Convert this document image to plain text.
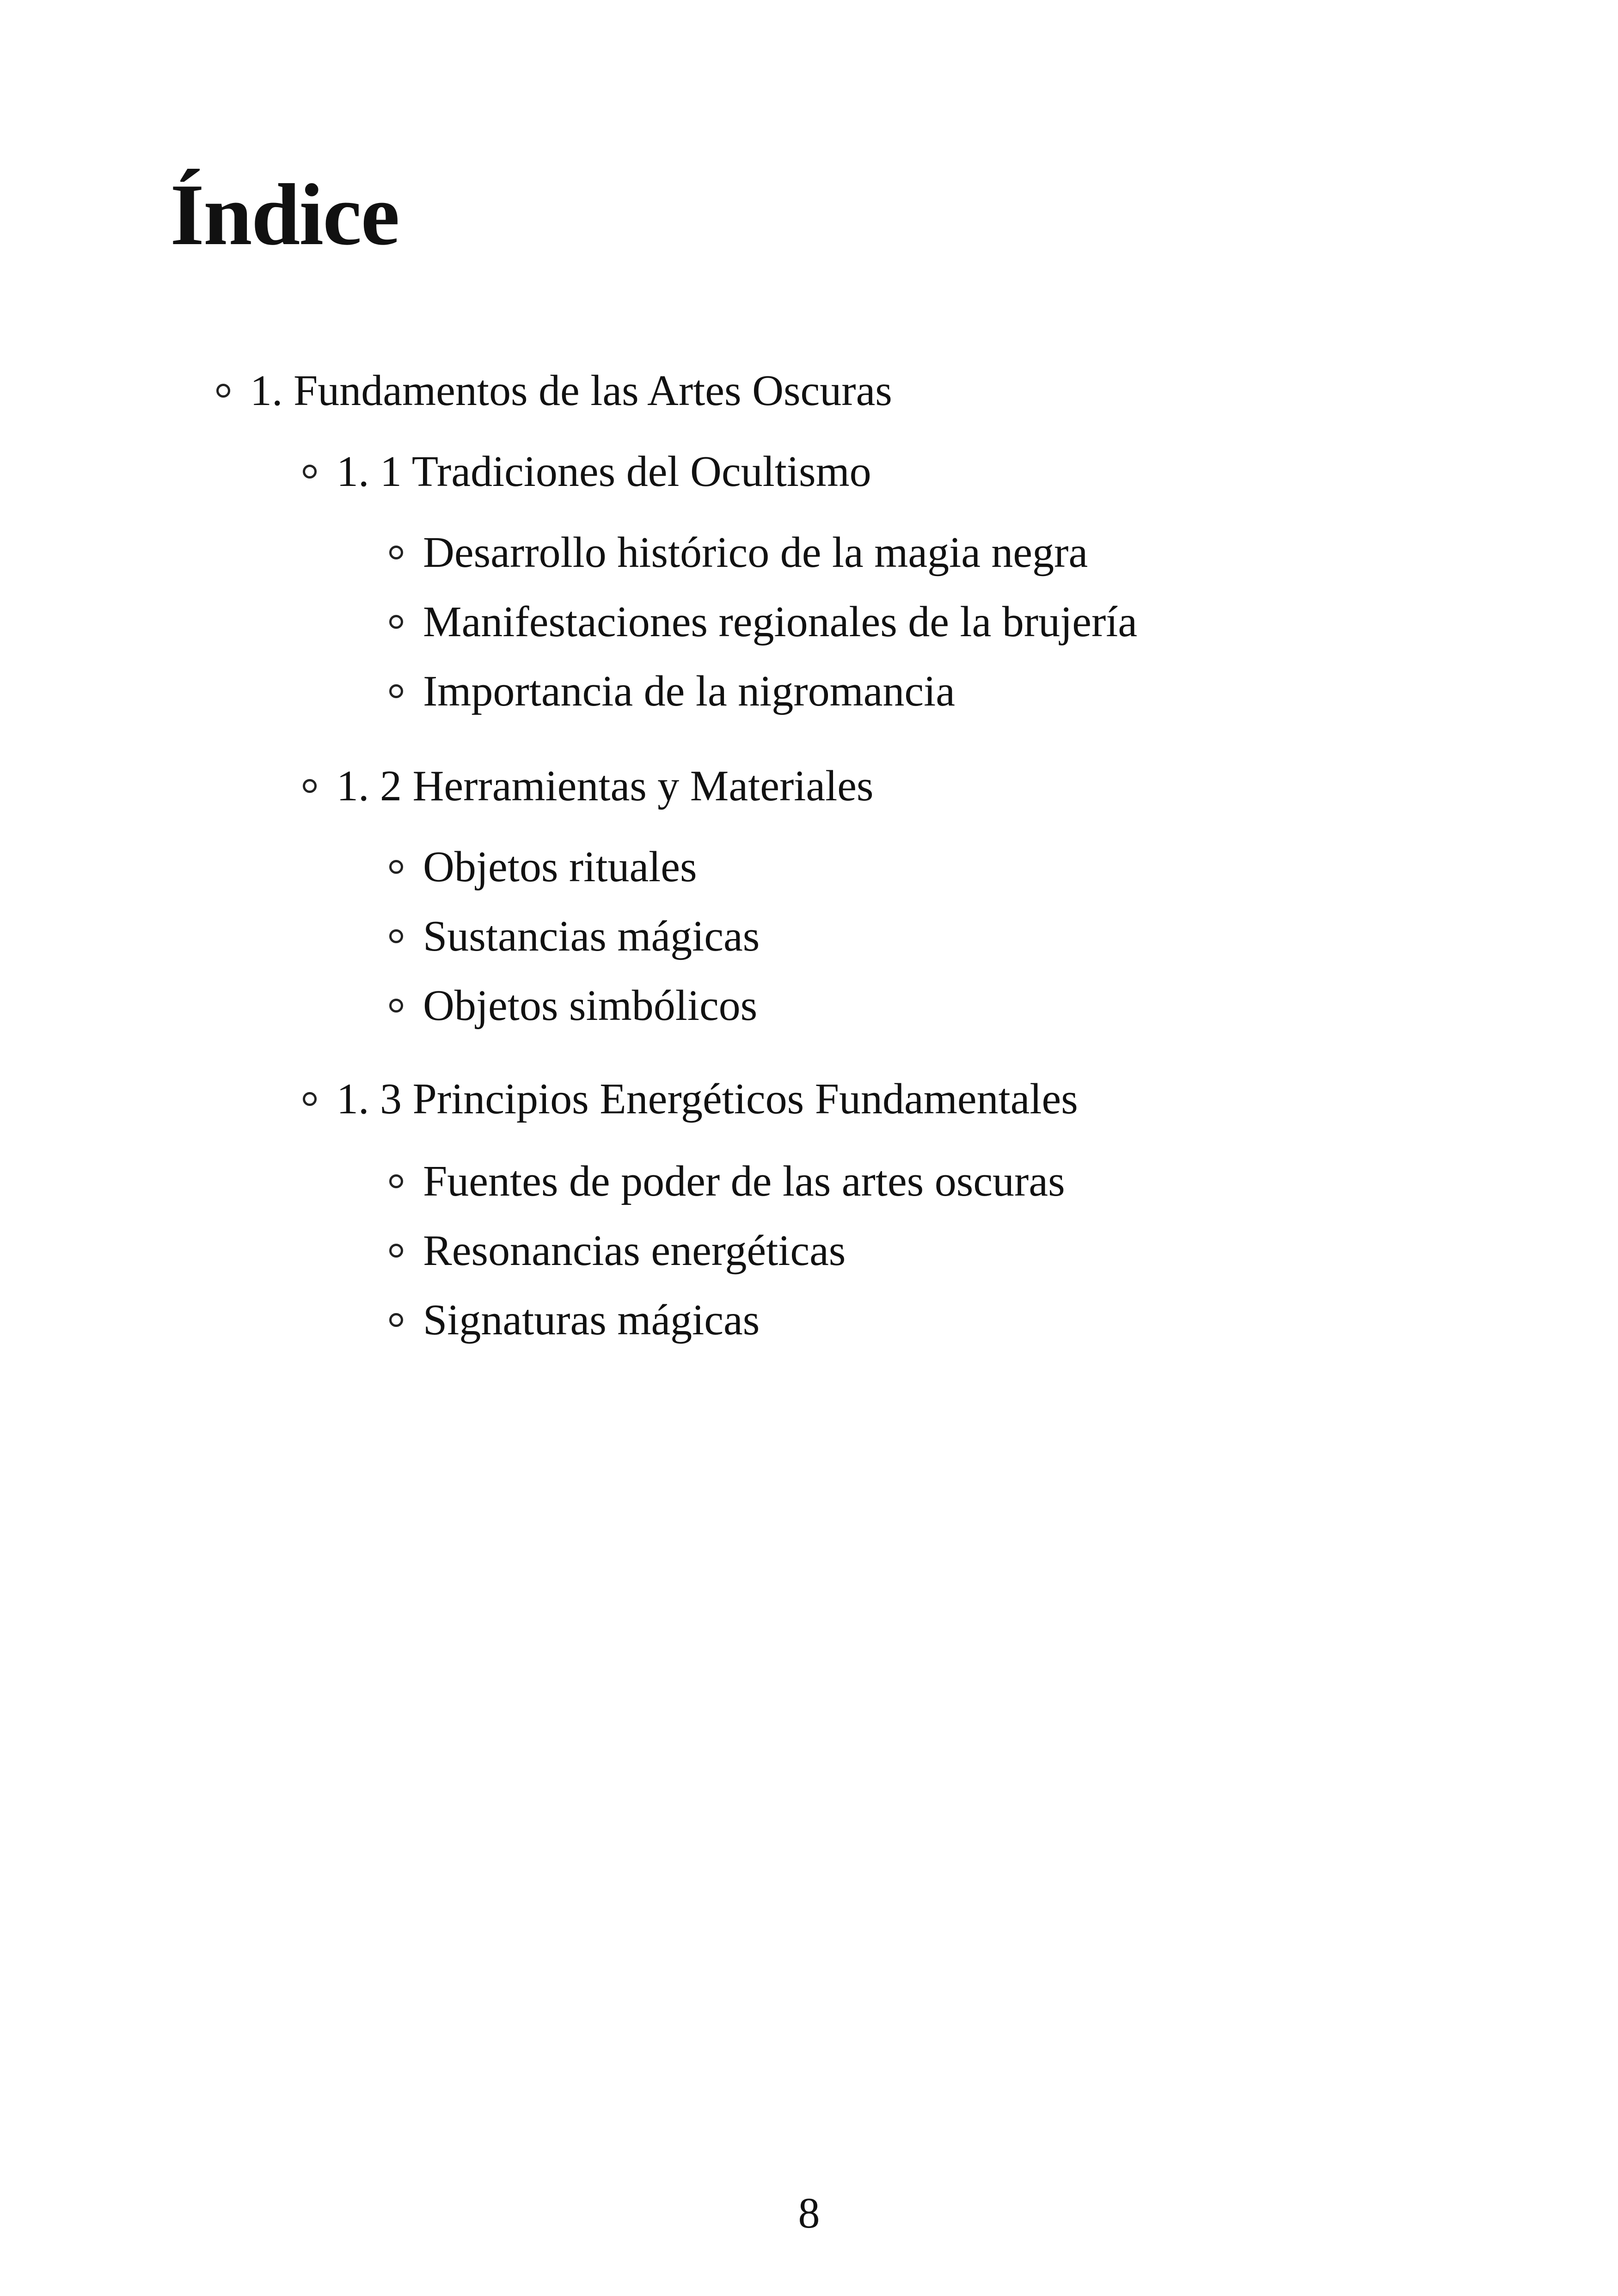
Índice
1. Fundamentos de las Artes Oscuras
1. 1 Tradiciones del Ocultismo
Desarrollo histórico de la magia negra
Manifestaciones regionales de la brujería
Importancia de la nigromancia
1. 2 Herramientas y Materiales
Objetos rituales
Sustancias mágicas
Objetos simbólicos
1. 3 Principios Energéticos Fundamentales
Fuentes de poder de las artes oscuras
Resonancias energéticas
Signaturas mágicas
8
